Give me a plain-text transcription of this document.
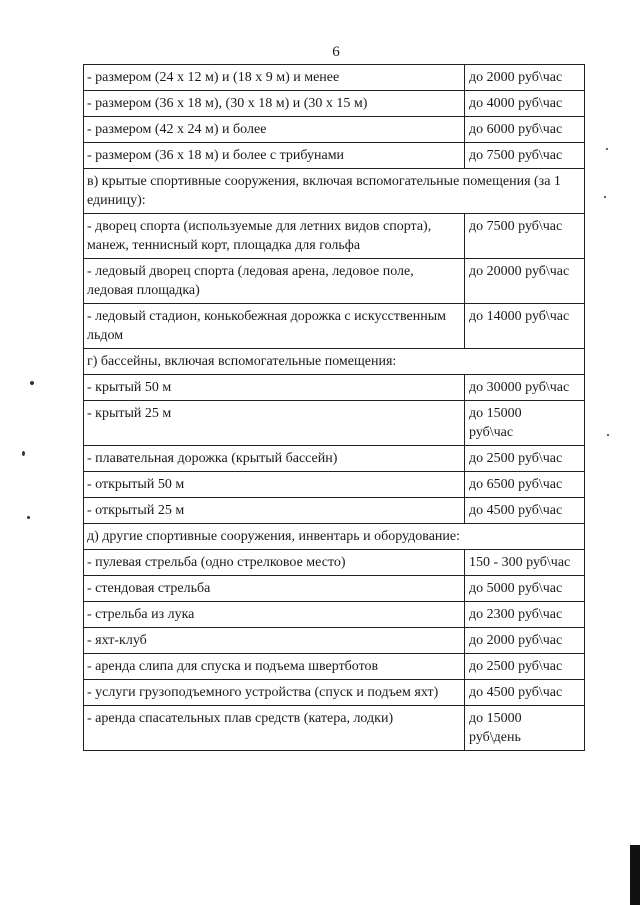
6
- размером (24 х 12 м) и (18 х 9 м) и менее	до 2000 руб\час
- размером (36 х 18 м), (30 х 18 м) и (30 х 15 м)	до 4000 руб\час
- размером (42 х 24 м) и более	до 6000 руб\час
- размером (36 х 18 м) и более с трибунами	до 7500 руб\час
в) крытые спортивные сооружения, включая вспомогательные помещения (за 1 единицу):	
- дворец спорта (используемые для летних видов спорта), манеж, теннисный корт, площадка для гольфа	до 7500 руб\час
- ледовый дворец спорта (ледовая арена, ледовое поле, ледовая площадка)	до 20000 руб\час
- ледовый стадион, конькобежная дорожка с искусственным льдом	до 14000 руб\час
г) бассейны, включая вспомогательные помещения:	
- крытый 50 м	до 30000 руб\час
- крытый 25 м	до 15000
руб\час
- плавательная дорожка (крытый бассейн)	до 2500 руб\час
- открытый 50 м	до 6500 руб\час
- открытый 25 м	до 4500 руб\час
д) другие спортивные сооружения, инвентарь и оборудование:	
- пулевая стрельба (одно стрелковое место)	150 - 300 руб\час
- стендовая стрельба	до 5000 руб\час
- стрельба из лука	до 2300 руб\час
- яхт-клуб	до 2000 руб\час
- аренда слипа для спуска и подъема швертботов	до 2500 руб\час
- услуги грузоподъемного устройства (спуск и подъем яхт)	до 4500 руб\час
- аренда спасательных плав средств (катера, лодки)	до 15000
руб\день
